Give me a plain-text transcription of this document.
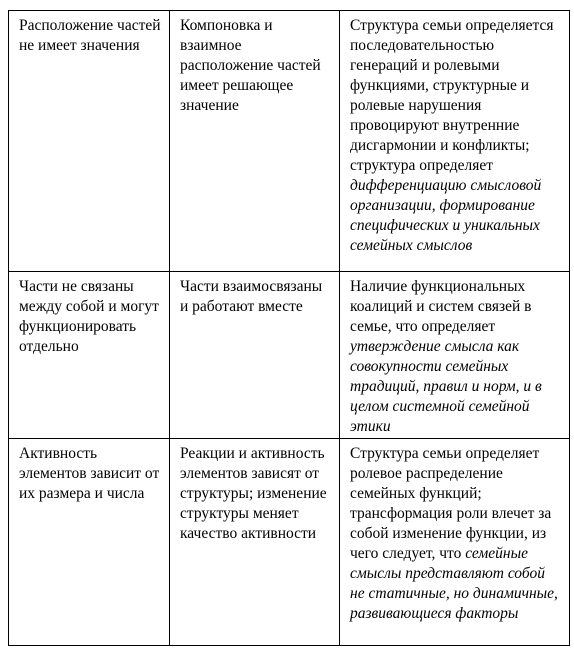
Расположение частей не имеет значения	Компоновка и взаимное расположение частей имеет решающее значение	Структура семьи определяется последовательностью генераций и ролевыми функциями, структурные и ролевые нарушения провоцируют внутренние дисгармонии и конфликты; структура определяет дифференциацию смысловой организации, формирование специфических и уникальных семейных смыслов
Части не связаны между собой и могут функционировать отдельно	Части взаимосвязаны и работают вместе	Наличие функциональных коалиций и систем связей в семье, что определяет утверждение смысла как совокупности семейных традиций, правил и норм, и в целом системной семейной этики
Активность элементов зависит от их размера и числа	Реакции и активность элементов зависят от структуры; изменение структуры меняет качество активности	Структура семьи определяет ролевое распределение семейных функций; трансформация роли влечет за собой изменение функции, из чего следует, что семейные смыслы представляют собой не статичные, но динамичные, развивающиеся факторы
